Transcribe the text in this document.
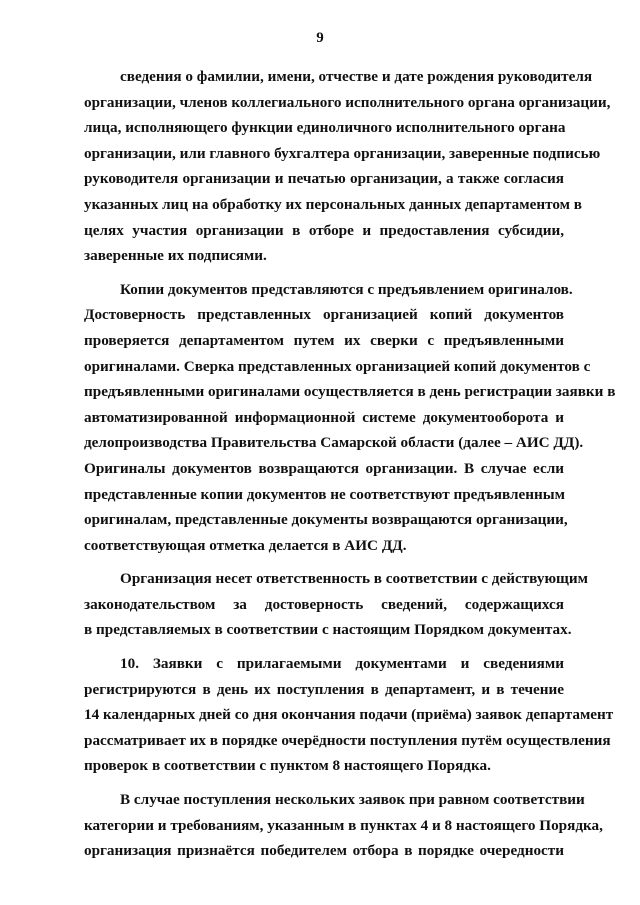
9
сведения о фамилии, имени, отчестве и дате рождения руководителя
организации, членов коллегиального исполнительного органа организации,
лица, исполняющего функции единоличного исполнительного органа
организации, или главного бухгалтера организации, заверенные подписью
руководителя организации и печатью организации, а также согласия
указанных лиц на обработку их персональных данных департаментом в
целях участия организации в отборе и предоставления субсидии,
заверенные их подписями.
Копии документов представляются с предъявлением оригиналов.
Достоверность представленных организацией копий документов
проверяется департаментом путем их сверки с предъявленными
оригиналами. Сверка представленных организацией копий документов с
предъявленными оригиналами осуществляется в день регистрации заявки в
автоматизированной информационной системе документооборота и
делопроизводства Правительства Самарской области (далее – АИС ДД).
Оригиналы документов возвращаются организации. В случае если
представленные копии документов не соответствуют предъявленным
оригиналам, представленные документы возвращаются организации,
соответствующая отметка делается в АИС ДД.
Организация несет ответственность в соответствии с действующим
законодательством за достоверность сведений, содержащихся
в представляемых в соответствии с настоящим Порядком документах.
10. Заявки с прилагаемыми документами и сведениями
регистрируются в день их поступления в департамент, и в течение
14 календарных дней со дня окончания подачи (приёма) заявок департамент
рассматривает их в порядке очерёдности поступления путём осуществления
проверок в соответствии с пунктом 8 настоящего Порядка.
В случае поступления нескольких заявок при равном соответствии
категории и требованиям, указанным в пунктах 4 и 8 настоящего Порядка,
организация признаётся победителем отбора в порядке очередности
